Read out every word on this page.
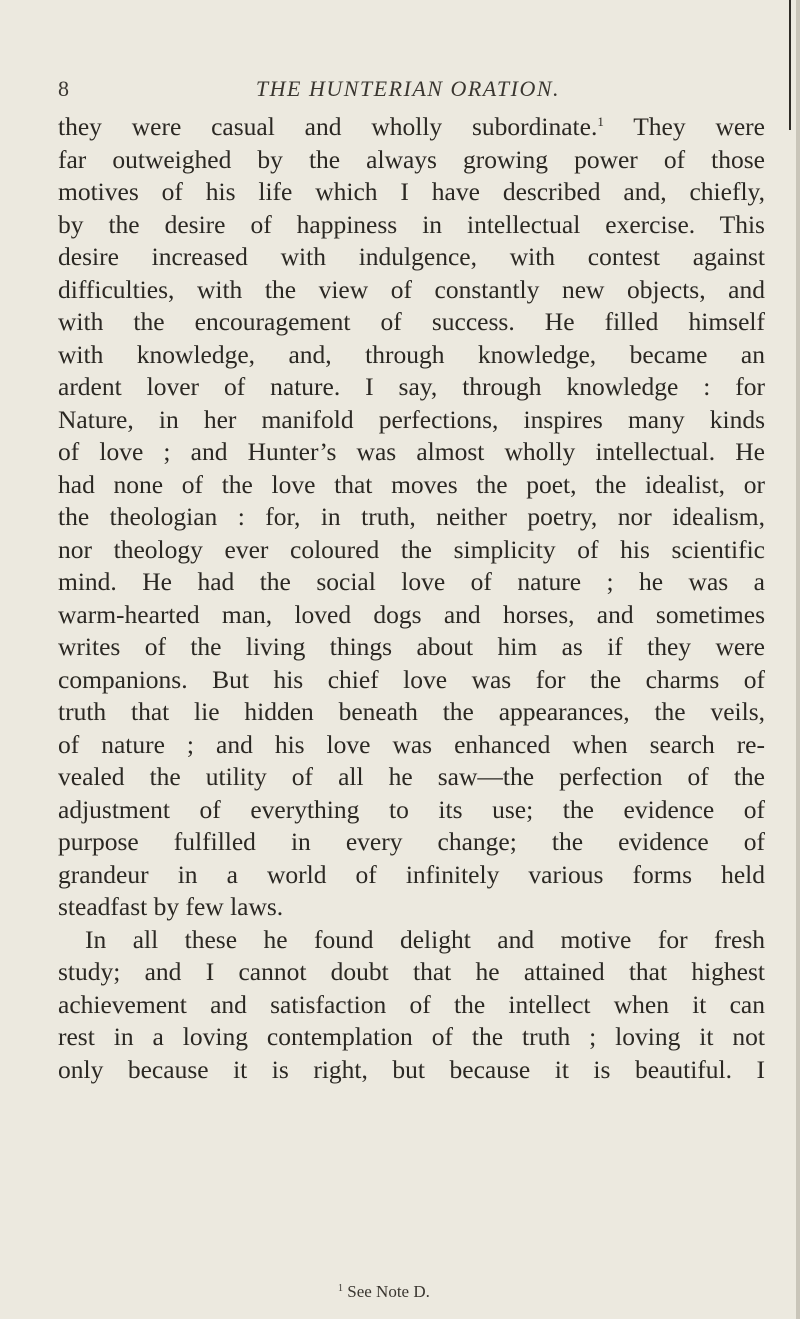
8	THE HUNTERIAN ORATION.
they were casual and wholly subordinate.$^1$ They were
far outweighed by the always growing power of those
motives of his life which I have described and, chiefly,
by the desire of happiness in intellectual exercise. This
desire increased with indulgence, with contest against
difficulties, with the view of constantly new objects, and
with the encouragement of success. He filled himself
with knowledge, and, through knowledge, became an
ardent lover of nature. I say, through knowledge : for
Nature, in her manifold perfections, inspires many kinds
of love ; and Hunter’s was almost wholly intellectual. He
had none of the love that moves the poet, the idealist, or
the theologian : for, in truth, neither poetry, nor idealism,
nor theology ever coloured the simplicity of his scientific
mind. He had the social love of nature ; he was a
warm-hearted man, loved dogs and horses, and sometimes
writes of the living things about him as if they were
companions. But his chief love was for the charms of
truth that lie hidden beneath the appearances, the veils,
of nature ; and his love was enhanced when search re-
vealed the utility of all he saw—the perfection of the
adjustment of everything to its use; the evidence of
purpose fulfilled in every change; the evidence of
grandeur in a world of infinitely various forms held
steadfast by few laws.
In all these he found delight and motive for fresh
study; and I cannot doubt that he attained that highest
achievement and satisfaction of the intellect when it can
rest in a loving contemplation of the truth ; loving it not
only because it is right, but because it is beautiful. I
$^1$ See Note D.
